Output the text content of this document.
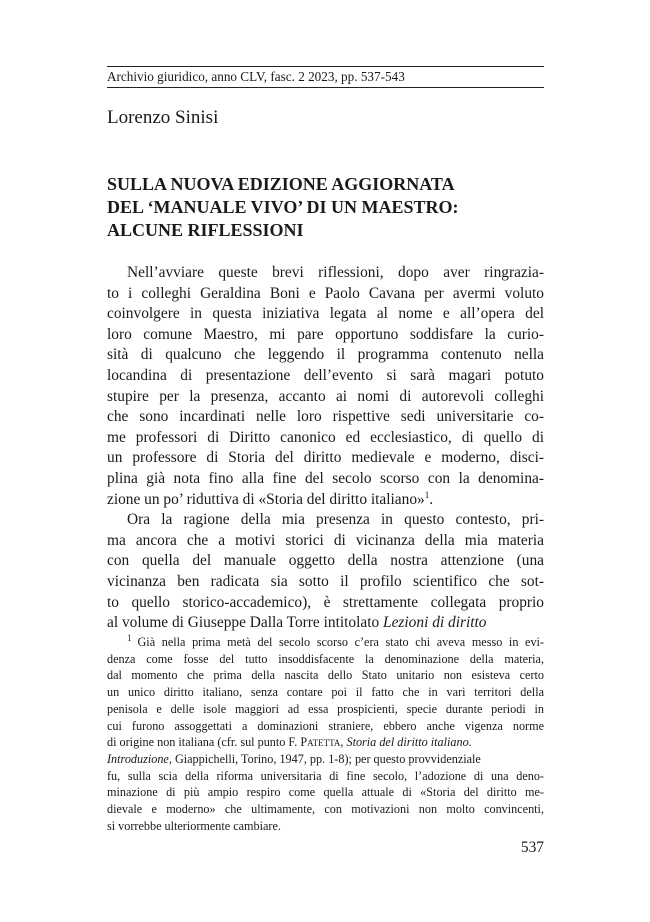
Archivio giuridico, anno CLV, fasc. 2 2023, pp. 537-543
Lorenzo Sinisi
SULLA NUOVA EDIZIONE AGGIORNATA
DEL ‘MANUALE VIVO’ DI UN MAESTRO:
ALCUNE RIFLESSIONI
Nell’avviare queste brevi riflessioni, dopo aver ringrazia-
to i colleghi Geraldina Boni e Paolo Cavana per avermi voluto
coinvolgere in questa iniziativa legata al nome e all’opera del
loro comune Maestro, mi pare opportuno soddisfare la curio-
sità di qualcuno che leggendo il programma contenuto nella
locandina di presentazione dell’evento si sarà magari potuto
stupire per la presenza, accanto ai nomi di autorevoli colleghi
che sono incardinati nelle loro rispettive sedi universitarie co-
me professori di Diritto canonico ed ecclesiastico, di quello di
un professore di Storia del diritto medievale e moderno, disci-
plina già nota fino alla fine del secolo scorso con la denomina-
zione un po’ riduttiva di «Storia del diritto italiano»$^1$.
Ora la ragione della mia presenza in questo contesto, pri-
ma ancora che a motivi storici di vicinanza della mia materia
con quella del manuale oggetto della nostra attenzione (una
vicinanza ben radicata sia sotto il profilo scientifico che sot-
to quello storico-accademico), è strettamente collegata proprio
al volume di Giuseppe Dalla Torre intitolato Lezioni di diritto
$^1$ Già nella prima metà del secolo scorso c’era stato chi aveva messo in evi-
denza come fosse del tutto insoddisfacente la denominazione della materia,
dal momento che prima della nascita dello Stato unitario non esisteva certo
un unico diritto italiano, senza contare poi il fatto che in vari territori della
penisola e delle isole maggiori ad essa prospicienti, specie durante periodi in
cui furono assoggettati a dominazioni straniere, ebbero anche vigenza norme
di origine non italiana (cfr. sul punto F. Patetta, Storia del diritto italiano.
Introduzione, Giappichelli, Torino, 1947, pp. 1-8); per questo provvidenziale
fu, sulla scia della riforma universitaria di fine secolo, l’adozione di una deno-
minazione di più ampio respiro come quella attuale di «Storia del diritto me-
dievale e moderno» che ultimamente, con motivazioni non molto convincenti,
si vorrebbe ulteriormente cambiare.
537
